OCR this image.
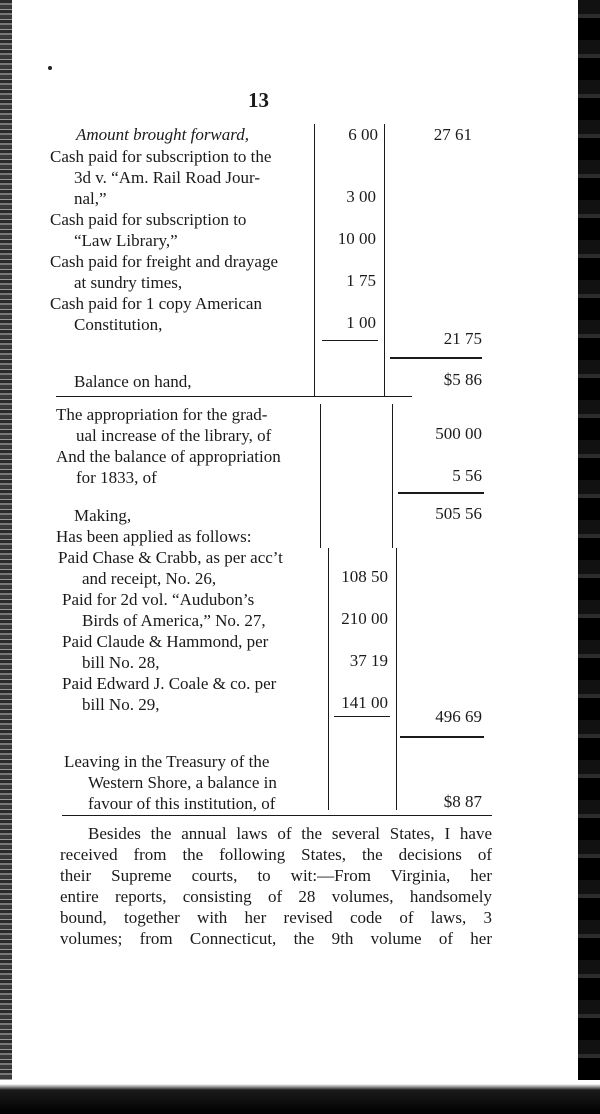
13
Amount brought forward,	6 00	27 61
Cash paid for subscription to the
3d v. “Am. Rail Road Jour-
nal,”	3 00
Cash paid for subscription to
“Law Library,”	10 00
Cash paid for freight and drayage
at sundry times,	1 75
Cash paid for 1 copy American
Constitution,	1 00
21 75
Balance on hand,	$5 86
The appropriation for the grad-
ual increase of the library, of	500 00
And the balance of appropriation
for 1833, of	5 56
Making,	505 56
Has been applied as follows:
Paid Chase & Crabb, as per acc’t
and receipt, No. 26,	108 50
Paid for 2d vol. “Audubon’s
Birds of America,” No. 27,	210 00
Paid Claude & Hammond, per
bill No. 28,	37 19
Paid Edward J. Coale & co. per
bill No. 29,	141 00
496 69
Leaving in the Treasury of the
Western Shore, a balance in
favour of this institution, of	$8 87

Besides the annual laws of the several States, I have

received from the following States, the decisions of

their Supreme courts, to wit:—From Virginia, her

entire reports, consisting of 28 volumes, handsomely

bound, together with her revised code of laws, 3

volumes; from Connecticut, the 9th volume of her
